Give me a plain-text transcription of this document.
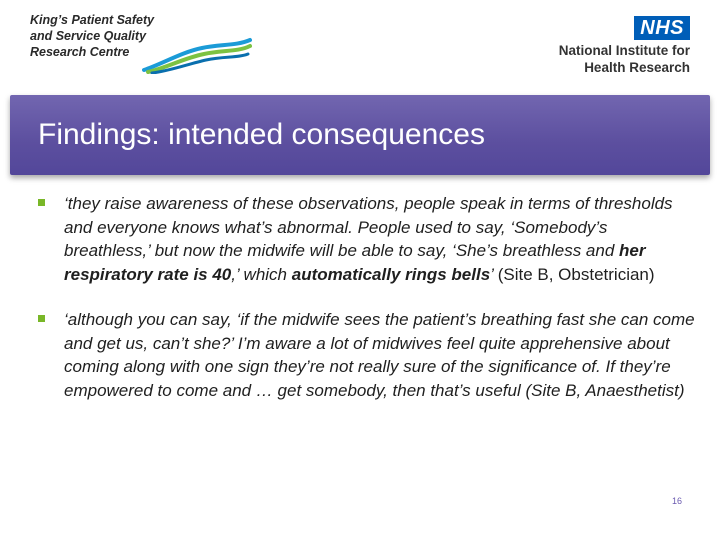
King’s Patient Safety
and Service Quality
Research Centre
NHS
National Institute for
Health Research
Findings: intended consequences
‘they raise awareness of these observations, people speak in terms of thresholds and everyone knows what’s abnormal. People used to say, ‘Somebody’s breathless,’ but now the midwife will be able to say, ‘She’s breathless and her respiratory rate is 40,’ which automatically rings bells’ (Site B, Obstetrician)
‘although you can say, ‘if the midwife sees the patient’s breathing fast she can come and get us, can’t she?’ I’m aware a lot of midwives feel quite apprehensive about coming along with one sign they’re not really sure of the significance of. If they’re empowered to come and … get somebody, then that’s useful (Site B, Anaesthetist)
16
